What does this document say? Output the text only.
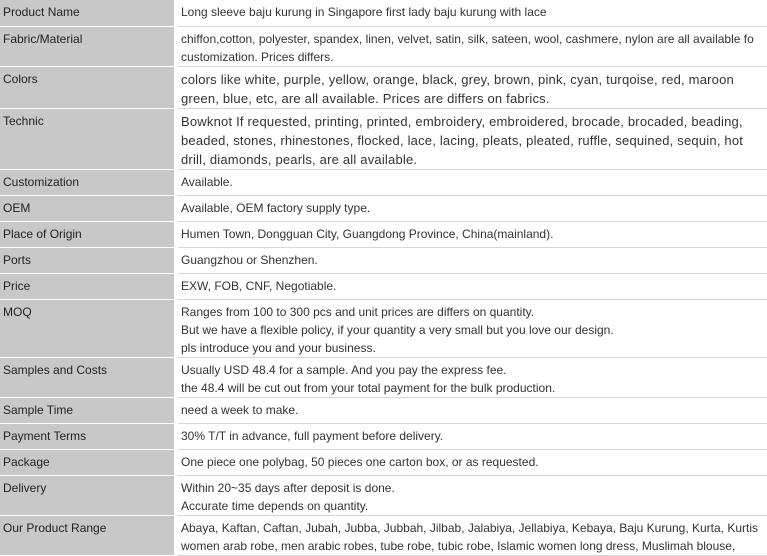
Product Name	Long sleeve baju kurung in Singapore first lady baju kurung with lace

Fabric/Material	chiffon,cotton, polyester, spandex, linen, velvet, satin, silk, sateen, wool, cashmere, nylon are all available fo
customization. Prices differs.

Colors	colors like white, purple, yellow, orange, black, grey, brown, pink, cyan, turqoise, red, maroon
green, blue, etc, are all available. Prices are differs on fabrics.

Technic	Bowknot If requested, printing, printed, embroidery, embroidered, brocade, brocaded, beading,
beaded, stones, rhinestones, flocked, lace, lacing, pleats, pleated, ruffle, sequined, sequin, hot
drill, diamonds, pearls, are all available.

Customization	Available.

OEM	Available, OEM factory supply type.

Place of Origin	Humen Town, Dongguan City, Guangdong Province, China(mainland).

Ports	Guangzhou or Shenzhen.

Price	EXW, FOB, CNF, Negotiable.

MOQ	Ranges from 100 to 300 pcs and unit prices are differs on quantity.
But we have a flexible policy, if your quantity a very small but you love our design.
pls introduce you and your business.

Samples and Costs	Usually USD 48.4 for a sample. And you pay the express fee.
the 48.4 will be cut out from your total payment for the bulk production.

Sample Time	need a week to make.

Payment Terms	30% T/T in advance, full payment before delivery.

Package	One piece one polybag, 50 pieces one carton box, or as requested.

Delivery	Within 20~35 days after deposit is done.
Accurate time depends on quantity.

Our Product Range	Abaya, Kaftan, Caftan, Jubah, Jubba, Jubbah, Jilbab, Jalabiya, Jellabiya, Kebaya, Baju Kurung, Kurta, Kurtis
women arab robe, men arabic robes, tube robe, tubic robe, Islamic women long dress, Muslimah blouse,
